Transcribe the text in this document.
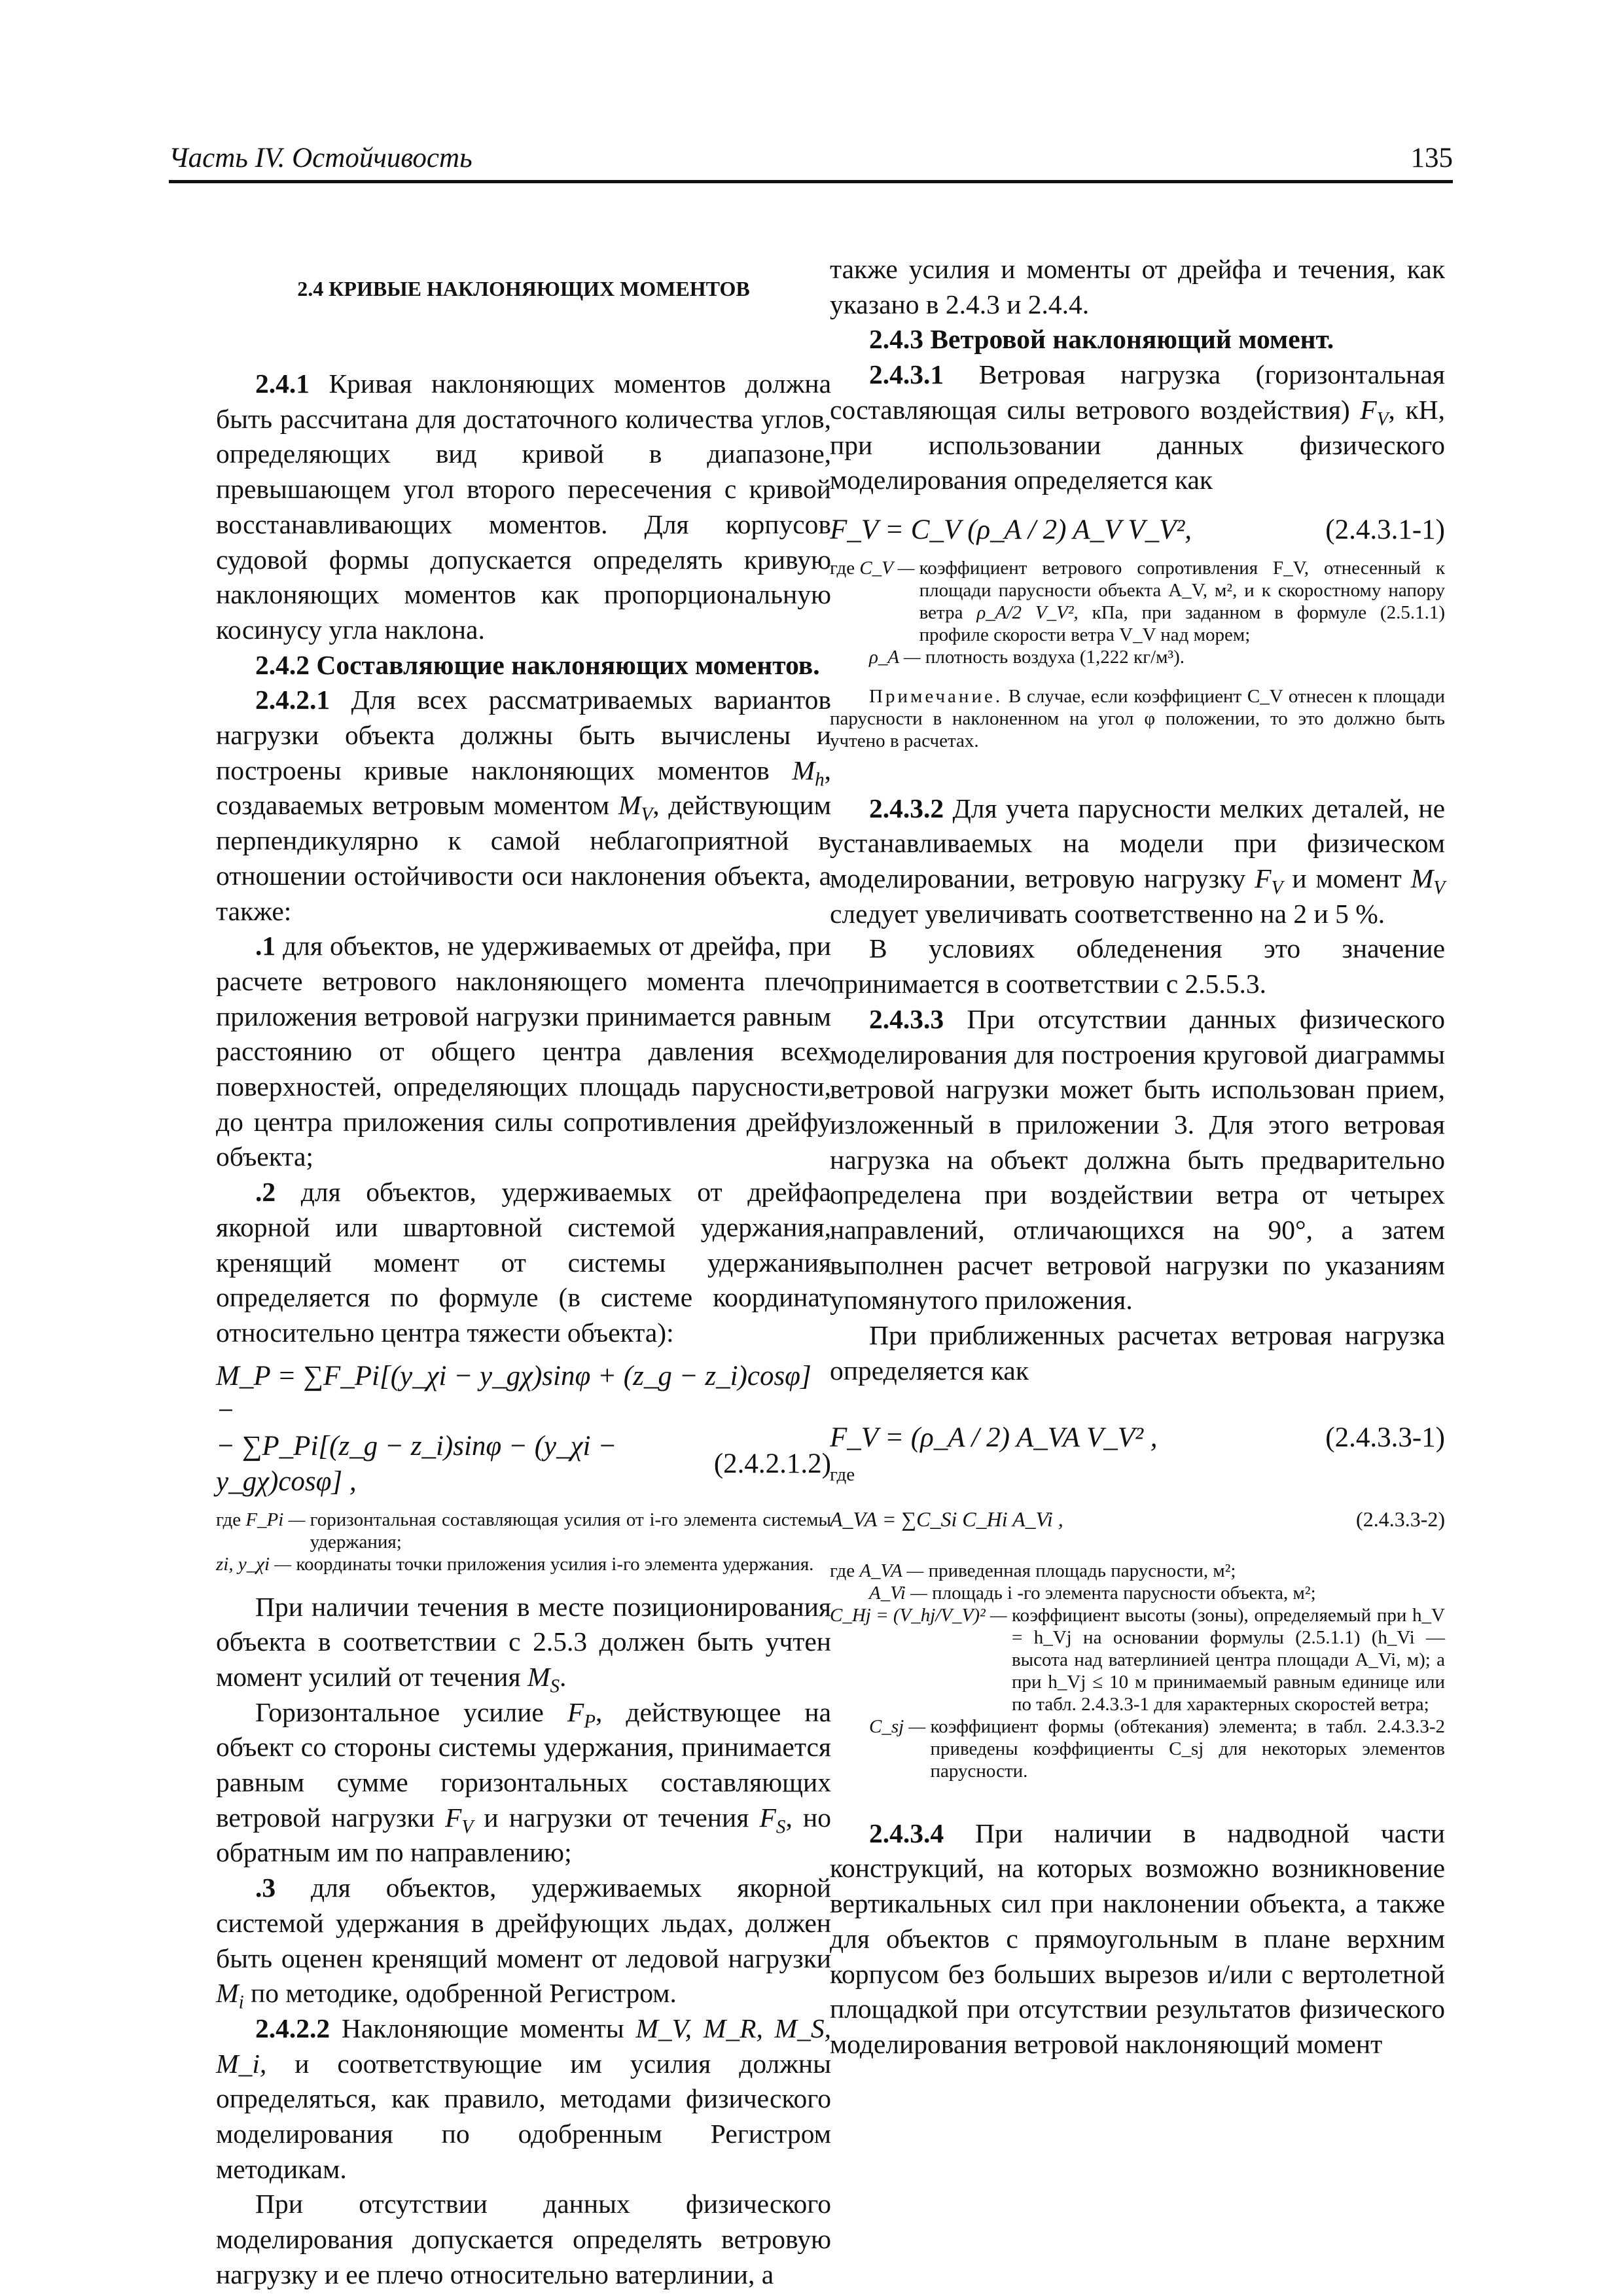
Часть IV. Остойчивость	135

2.4 КРИВЫЕ НАКЛОНЯЮЩИХ МОМЕНТОВ

2.4.1 Кривая наклоняющих моментов должна быть рассчитана для достаточного количества углов, определяющих вид кривой в диапазоне, превышающем угол второго пересечения с кривой восстанавливающих моментов. Для корпусов судовой формы допускается определять кривую наклоняющих моментов как пропорциональную косинусу угла наклона.

2.4.2 Составляющие наклоняющих моментов.

2.4.2.1 Для всех рассматриваемых вариантов нагрузки объекта должны быть вычислены и построены кривые наклоняющих моментов $M_h$, создаваемых ветровым моментом $M_V$, действующим перпендикулярно к самой неблагоприятной в отношении остойчивости оси наклонения объекта, а также:

.1 для объектов, не удерживаемых от дрейфа, при расчете ветрового наклоняющего момента плечо приложения ветровой нагрузки принимается равным расстоянию от общего центра давления всех поверхностей, определяющих площадь парусности, до центра приложения силы сопротивления дрейфу объекта;

.2 для объектов, удерживаемых от дрейфа якорной или швартовной системой удержания, кренящий момент от системы удержания определяется по формуле (в системе координат относительно центра тяжести объекта):

M_P = ∑F_Pi[(y_χi − y_gχ)sinφ + (z_g − z_i)cosφ] −
− ∑P_Pi[(z_g − z_i)sinφ − (y_χi − y_gχ)cosφ] ,
(2.4.2.1.2)
где F_Pi — горизонтальная составляющая усилия от i-го элемента системы удержания;
zi, y_χi — координаты точки приложения усилия i-го элемента удержания.

При наличии течения в месте позиционирования объекта в соответствии с 2.5.3 должен быть учтен момент усилий от течения $M_S$.

Горизонтальное усилие $F_P$, действующее на объект со стороны системы удержания, принимается равным сумме горизонтальных составляющих ветровой нагрузки $F_V$ и нагрузки от течения $F_S$, но обратным им по направлению;

.3 для объектов, удерживаемых якорной системой удержания в дрейфующих льдах, должен быть оценен кренящий момент от ледовой нагрузки $M_i$ по методике, одобренной Регистром.

2.4.2.2 Наклоняющие моменты M_V, M_R, M_S, M_i, и соответствующие им усилия должны определяться, как правило, методами физического моделирования по одобренным Регистром методикам.

При отсутствии данных физического моделирования допускается определять ветровую нагрузку и ее плечо относительно ватерлинии, а

также усилия и моменты от дрейфа и течения, как указано в 2.4.3 и 2.4.4.

2.4.3 Ветровой наклоняющий момент.

2.4.3.1 Ветровая нагрузка (горизонтальная составляющая силы ветрового воздействия) $F_V$, кН, при использовании данных физического моделирования определяется как

F_V = C_V (ρ_A / 2) A_V V_V²,	(2.4.3.1-1)
где C_V — коэффициент ветрового сопротивления F_V, отнесенный к площади парусности объекта A_V, м², и к скоростному напору ветра ρ_A/2 V_V², кПа, при заданном в формуле (2.5.1.1) профиле скорости ветра V_V над морем;
ρ_A — плотность воздуха (1,222 кг/м³).

Примечание. В случае, если коэффициент C_V отнесен к площади парусности в наклоненном на угол φ положении, то это должно быть учтено в расчетах.

2.4.3.2 Для учета парусности мелких деталей, не устанавливаемых на модели при физическом моделировании, ветровую нагрузку $F_V$ и момент $M_V$ следует увеличивать соответственно на 2 и 5 %.

В условиях обледенения это значение принимается в соответствии с 2.5.5.3.

2.4.3.3 При отсутствии данных физического моделирования для построения круговой диаграммы ветровой нагрузки может быть использован прием, изложенный в приложении 3. Для этого ветровая нагрузка на объект должна быть предварительно определена при воздействии ветра от четырех направлений, отличающихся на 90°, а затем выполнен расчет ветровой нагрузки по указаниям упомянутого приложения.

При приближенных расчетах ветровая нагрузка определяется как

F_V = (ρ_A / 2) A_VA V_V² ,	(2.4.3.3-1)
где
A_VA = ∑C_Si C_Hi A_Vi ,	(2.4.3.3-2)
где A_VA — приведенная площадь парусности, м²;
A_Vi — площадь i -го элемента парусности объекта, м²;
C_Hj = (V_hj/V_V)² — коэффициент высоты (зоны), определяемый при h_V = h_Vj на основании формулы (2.5.1.1) (h_Vi — высота над ватерлинией центра площади A_Vi, м); а при h_Vj ≤ 10 м принимаемый равным единице или по табл. 2.4.3.3-1 для характерных скоростей ветра;
C_sj — коэффициент формы (обтекания) элемента; в табл. 2.4.3.3-2 приведены коэффициенты C_sj для некоторых элементов парусности.

2.4.3.4 При наличии в надводной части конструкций, на которых возможно возникновение вертикальных сил при наклонении объекта, а также для объектов с прямоугольным в плане верхним корпусом без больших вырезов и/или с вертолетной площадкой при отсутствии результатов физического моделирования ветровой наклоняющий момент
